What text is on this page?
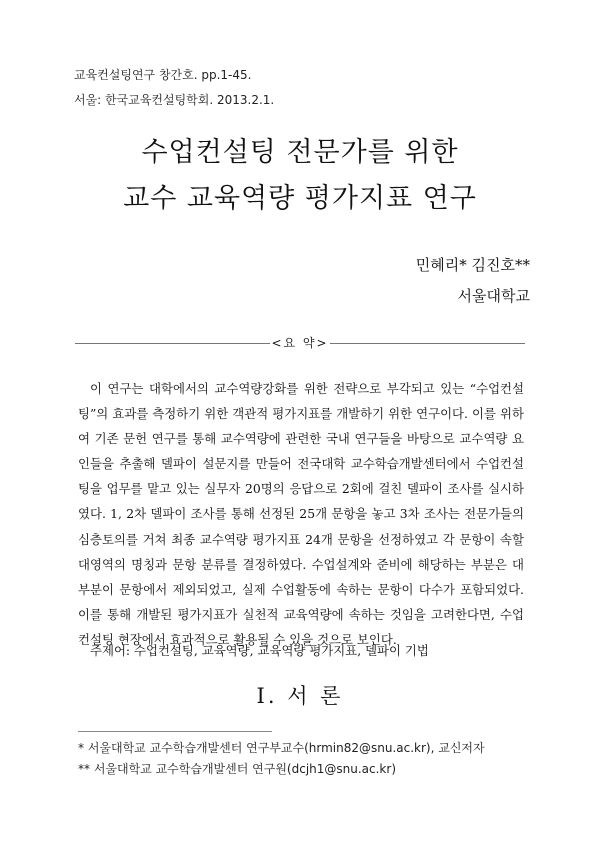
교육컨설팅연구 창간호. pp.1-45.
서울: 한국교육컨설팅학회. 2013.2.1.
수업컨설팅 전문가를 위한
교수 교육역량 평가지표 연구
민혜리* 김진호**
서울대학교
<요 약>

이 연구는 대학에서의 교수역량강화를 위한 전략으로 부각되고 있는 “수업컨설팅”의 효과를 측정하기 위한 객관적 평가지표를 개발하기 위한 연구이다. 이를 위하여 기존 문헌 연구를 통해 교수역량에 관련한 국내 연구들을 바탕으로 교수역량 요인들을 추출해 델파이 설문지를 만들어 전국대학 교수학습개발센터에서 수업컨설팅을 업무를 맡고 있는 실무자 20명의 응답으로 2회에 걸친 델파이 조사를 실시하였다. 1, 2차 델파이 조사를 통해 선정된 25개 문항을 놓고 3차 조사는 전문가들의 심층토의를 거쳐 최종 교수역량 평가지표 24개 문항을 선정하였고 각 문항이 속할 대영역의 명칭과 문항 분류를 결정하였다. 수업설계와 준비에 해당하는 부분은 대부분이 문항에서 제외되었고, 실제 수업활동에 속하는 문항이 다수가 포함되었다. 이를 통해 개발된 평가지표가 실천적 교육역량에 속하는 것임을 고려한다면, 수업컨설팅 현장에서 효과적으로 활용될 수 있을 것으로 보인다.

주제어: 수업컨설팅, 교육역량, 교육역량 평가지표, 델파이 기법
Ⅰ. 서 론
* 서울대학교 교수학습개발센터 연구부교수(hrmin82@snu.ac.kr), 교신저자
** 서울대학교 교수학습개발센터 연구원(dcjh1@snu.ac.kr)
